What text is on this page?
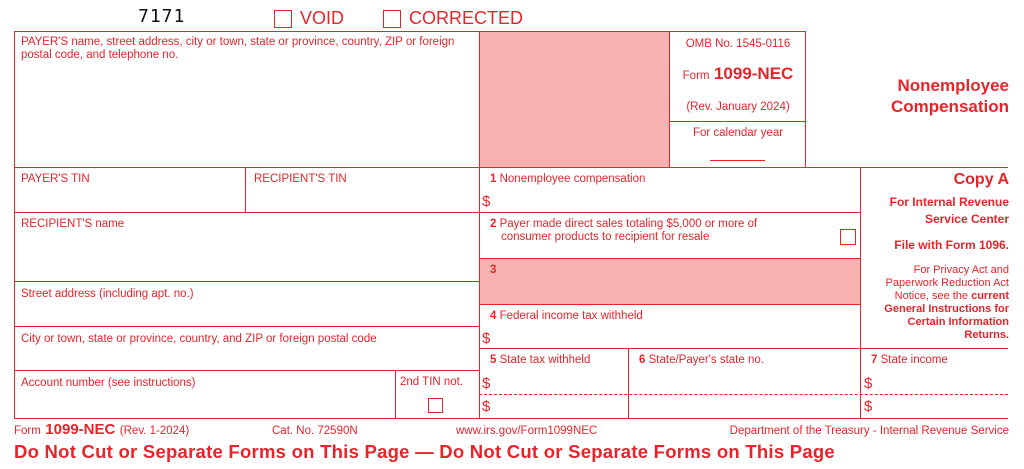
7171	VOID	CORRECTED
PAYER'S name, street address, city or town, state or province, country, ZIP or foreign postal code, and telephone no.
OMB No. 1545-0116
Form 1099-NEC
(Rev. January 2024)
For calendar year
Nonemployee
Compensation
PAYER'S TIN	RECIPIENT'S TIN	1 Nonemployee compensation
$
RECIPIENT'S name	2 Payer made direct sales totaling $5,000 or more of
consumer products to recipient for resale
3
Street address (including apt. no.)
4 Federal income tax withheld
$
City or town, state or province, country, and ZIP or foreign postal code
5 State tax withheld	6 State/Payer's state no.	7 State income
$
$
$
$
Account number (see instructions)	2nd TIN not.
Copy A
For Internal Revenue
Service Center
File with Form 1096.
For Privacy Act and
Paperwork Reduction Act
Notice, see the current
General Instructions for
Certain Information
Returns.
Form 1099-NEC (Rev. 1-2024)	Cat. No. 72590N	www.irs.gov/Form1099NEC	Department of the Treasury - Internal Revenue Service
Do Not Cut or Separate Forms on This Page — Do Not Cut or Separate Forms on This Page
